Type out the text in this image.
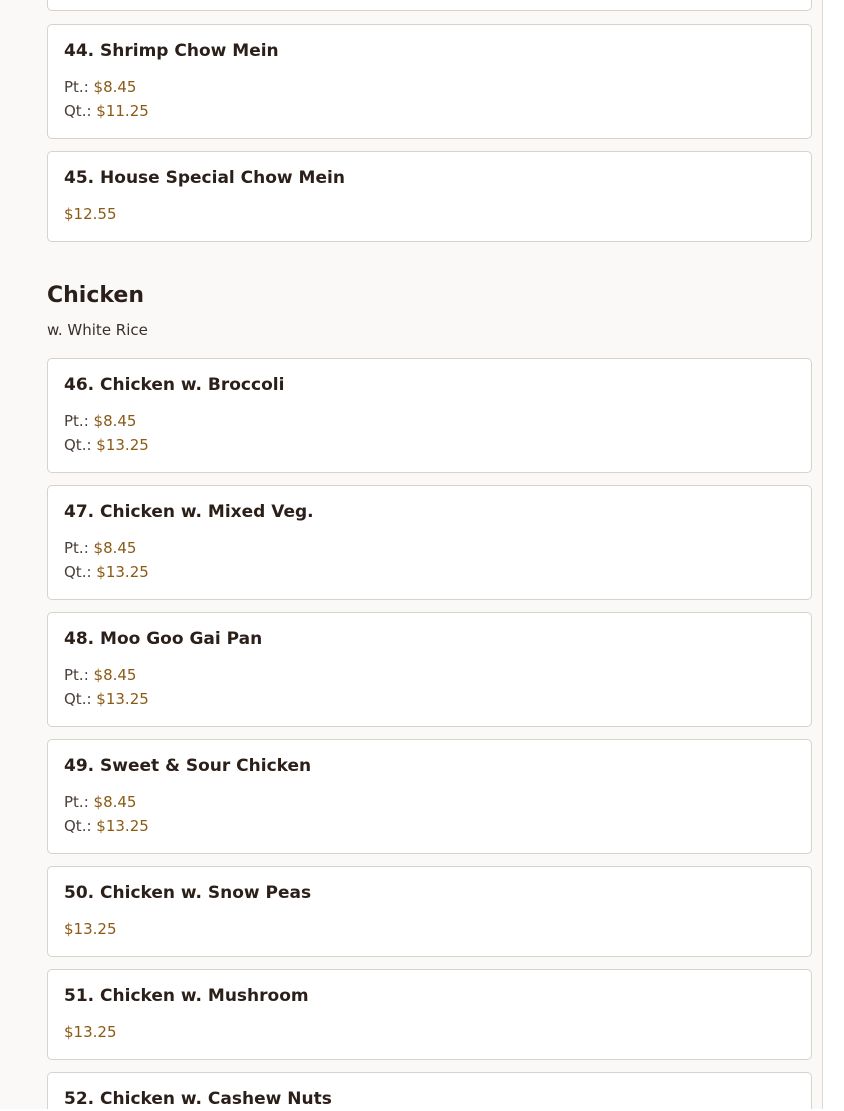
44. Shrimp Chow Mein
Pt.: $8.45
Qt.: $11.25
45. House Special Chow Mein
$12.55
Chicken

w. White Rice

46. Chicken w. Broccoli
Pt.: $8.45
Qt.: $13.25
47. Chicken w. Mixed Veg.
Pt.: $8.45
Qt.: $13.25
48. Moo Goo Gai Pan
Pt.: $8.45
Qt.: $13.25
49. Sweet & Sour Chicken
Pt.: $8.45
Qt.: $13.25
50. Chicken w. Snow Peas
$13.25
51. Chicken w. Mushroom
$13.25
52. Chicken w. Cashew Nuts
